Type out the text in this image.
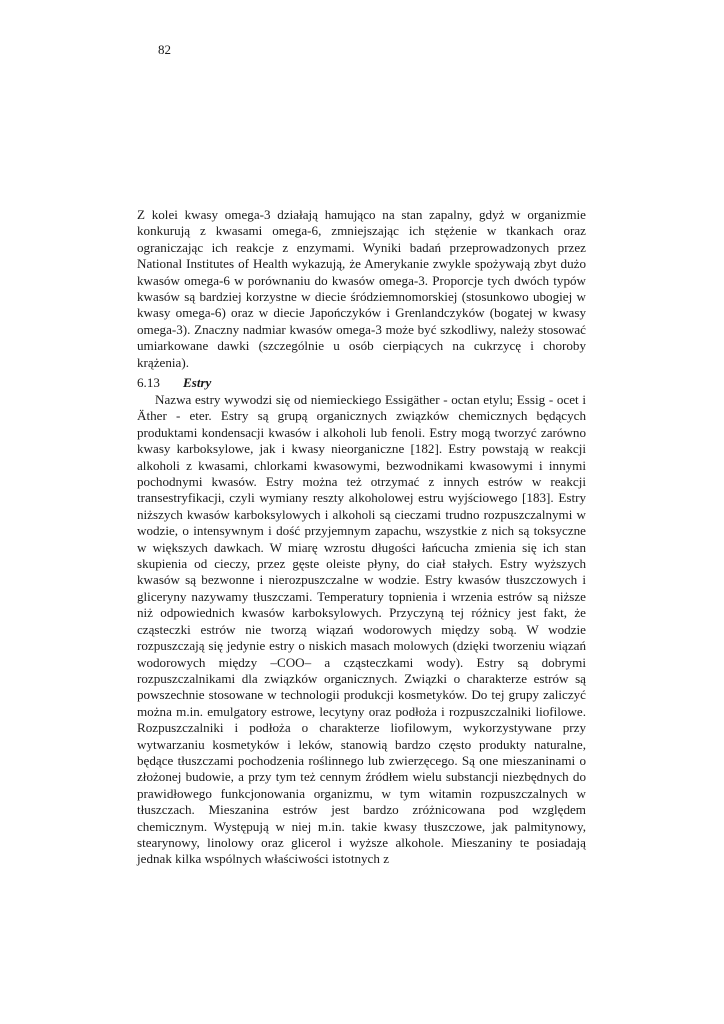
82

Z kolei kwasy omega-3 działają hamująco na stan zapalny, gdyż w organizmie konkurują z kwasami omega-6, zmniejszając ich stężenie w tkankach oraz ograniczając ich reakcje z enzymami. Wyniki badań przeprowadzonych przez National Institutes of Health wykazują, że Amerykanie zwykle spożywają zbyt dużo kwasów omega-6 w porównaniu do kwasów omega-3. Proporcje tych dwóch typów kwasów są bardziej korzystne w diecie śródziemnomorskiej (stosunkowo ubogiej w kwasy omega-6) oraz w diecie Japończyków i Grenlandczyków (bogatej w kwasy omega-3). Znaczny nadmiar kwasów omega-3 może być szkodliwy, należy stosować umiarkowane dawki (szczególnie u osób cierpiących na cukrzycę i choroby krążenia).

6.13 Estry

Nazwa estry wywodzi się od niemieckiego Essigäther - octan etylu; Essig - ocet i Äther - eter. Estry są grupą organicznych związków chemicznych będących produktami kondensacji kwasów i alkoholi lub fenoli. Estry mogą tworzyć zarówno kwasy karboksylowe, jak i kwasy nieorganiczne [182]. Estry powstają w reakcji alkoholi z kwasami, chlorkami kwasowymi, bezwodnikami kwasowymi i innymi pochodnymi kwasów. Estry można też otrzymać z innych estrów w reakcji transestryfikacji, czyli wymiany reszty alkoholowej estru wyjściowego [183]. Estry niższych kwasów karboksylowych i alkoholi są cieczami trudno rozpuszczalnymi w wodzie, o intensywnym i dość przyjemnym zapachu, wszystkie z nich są toksyczne w większych dawkach. W miarę wzrostu długości łańcucha zmienia się ich stan skupienia od cieczy, przez gęste oleiste płyny, do ciał stałych. Estry wyższych kwasów są bezwonne i nierozpuszczalne w wodzie. Estry kwasów tłuszczowych i gliceryny nazywamy tłuszczami. Temperatury topnienia i wrzenia estrów są niższe niż odpowiednich kwasów karboksylowych. Przyczyną tej różnicy jest fakt, że cząsteczki estrów nie tworzą wiązań wodorowych między sobą. W wodzie rozpuszczają się jedynie estry o niskich masach molowych (dzięki tworzeniu wiązań wodorowych między –COO– a cząsteczkami wody). Estry są dobrymi rozpuszczalnikami dla związków organicznych. Związki o charakterze estrów są powszechnie stosowane w technologii produkcji kosmetyków. Do tej grupy zaliczyć można m.in. emulgatory estrowe, lecytyny oraz podłoża i rozpuszczalniki liofilowe. Rozpuszczalniki i podłoża o charakterze liofilowym, wykorzystywane przy wytwarzaniu kosmetyków i leków, stanowią bardzo często produkty naturalne, będące tłuszczami pochodzenia roślinnego lub zwierzęcego. Są one mieszaninami o złożonej budowie, a przy tym też cennym źródłem wielu substancji niezbędnych do prawidłowego funkcjonowania organizmu, w tym witamin rozpuszczalnych w tłuszczach. Mieszanina estrów jest bardzo zróżnicowana pod względem chemicznym. Występują w niej m.in. takie kwasy tłuszczowe, jak palmitynowy, stearynowy, linolowy oraz glicerol i wyższe alkohole. Mieszaniny te posiadają jednak kilka wspólnych właściwości istotnych z
